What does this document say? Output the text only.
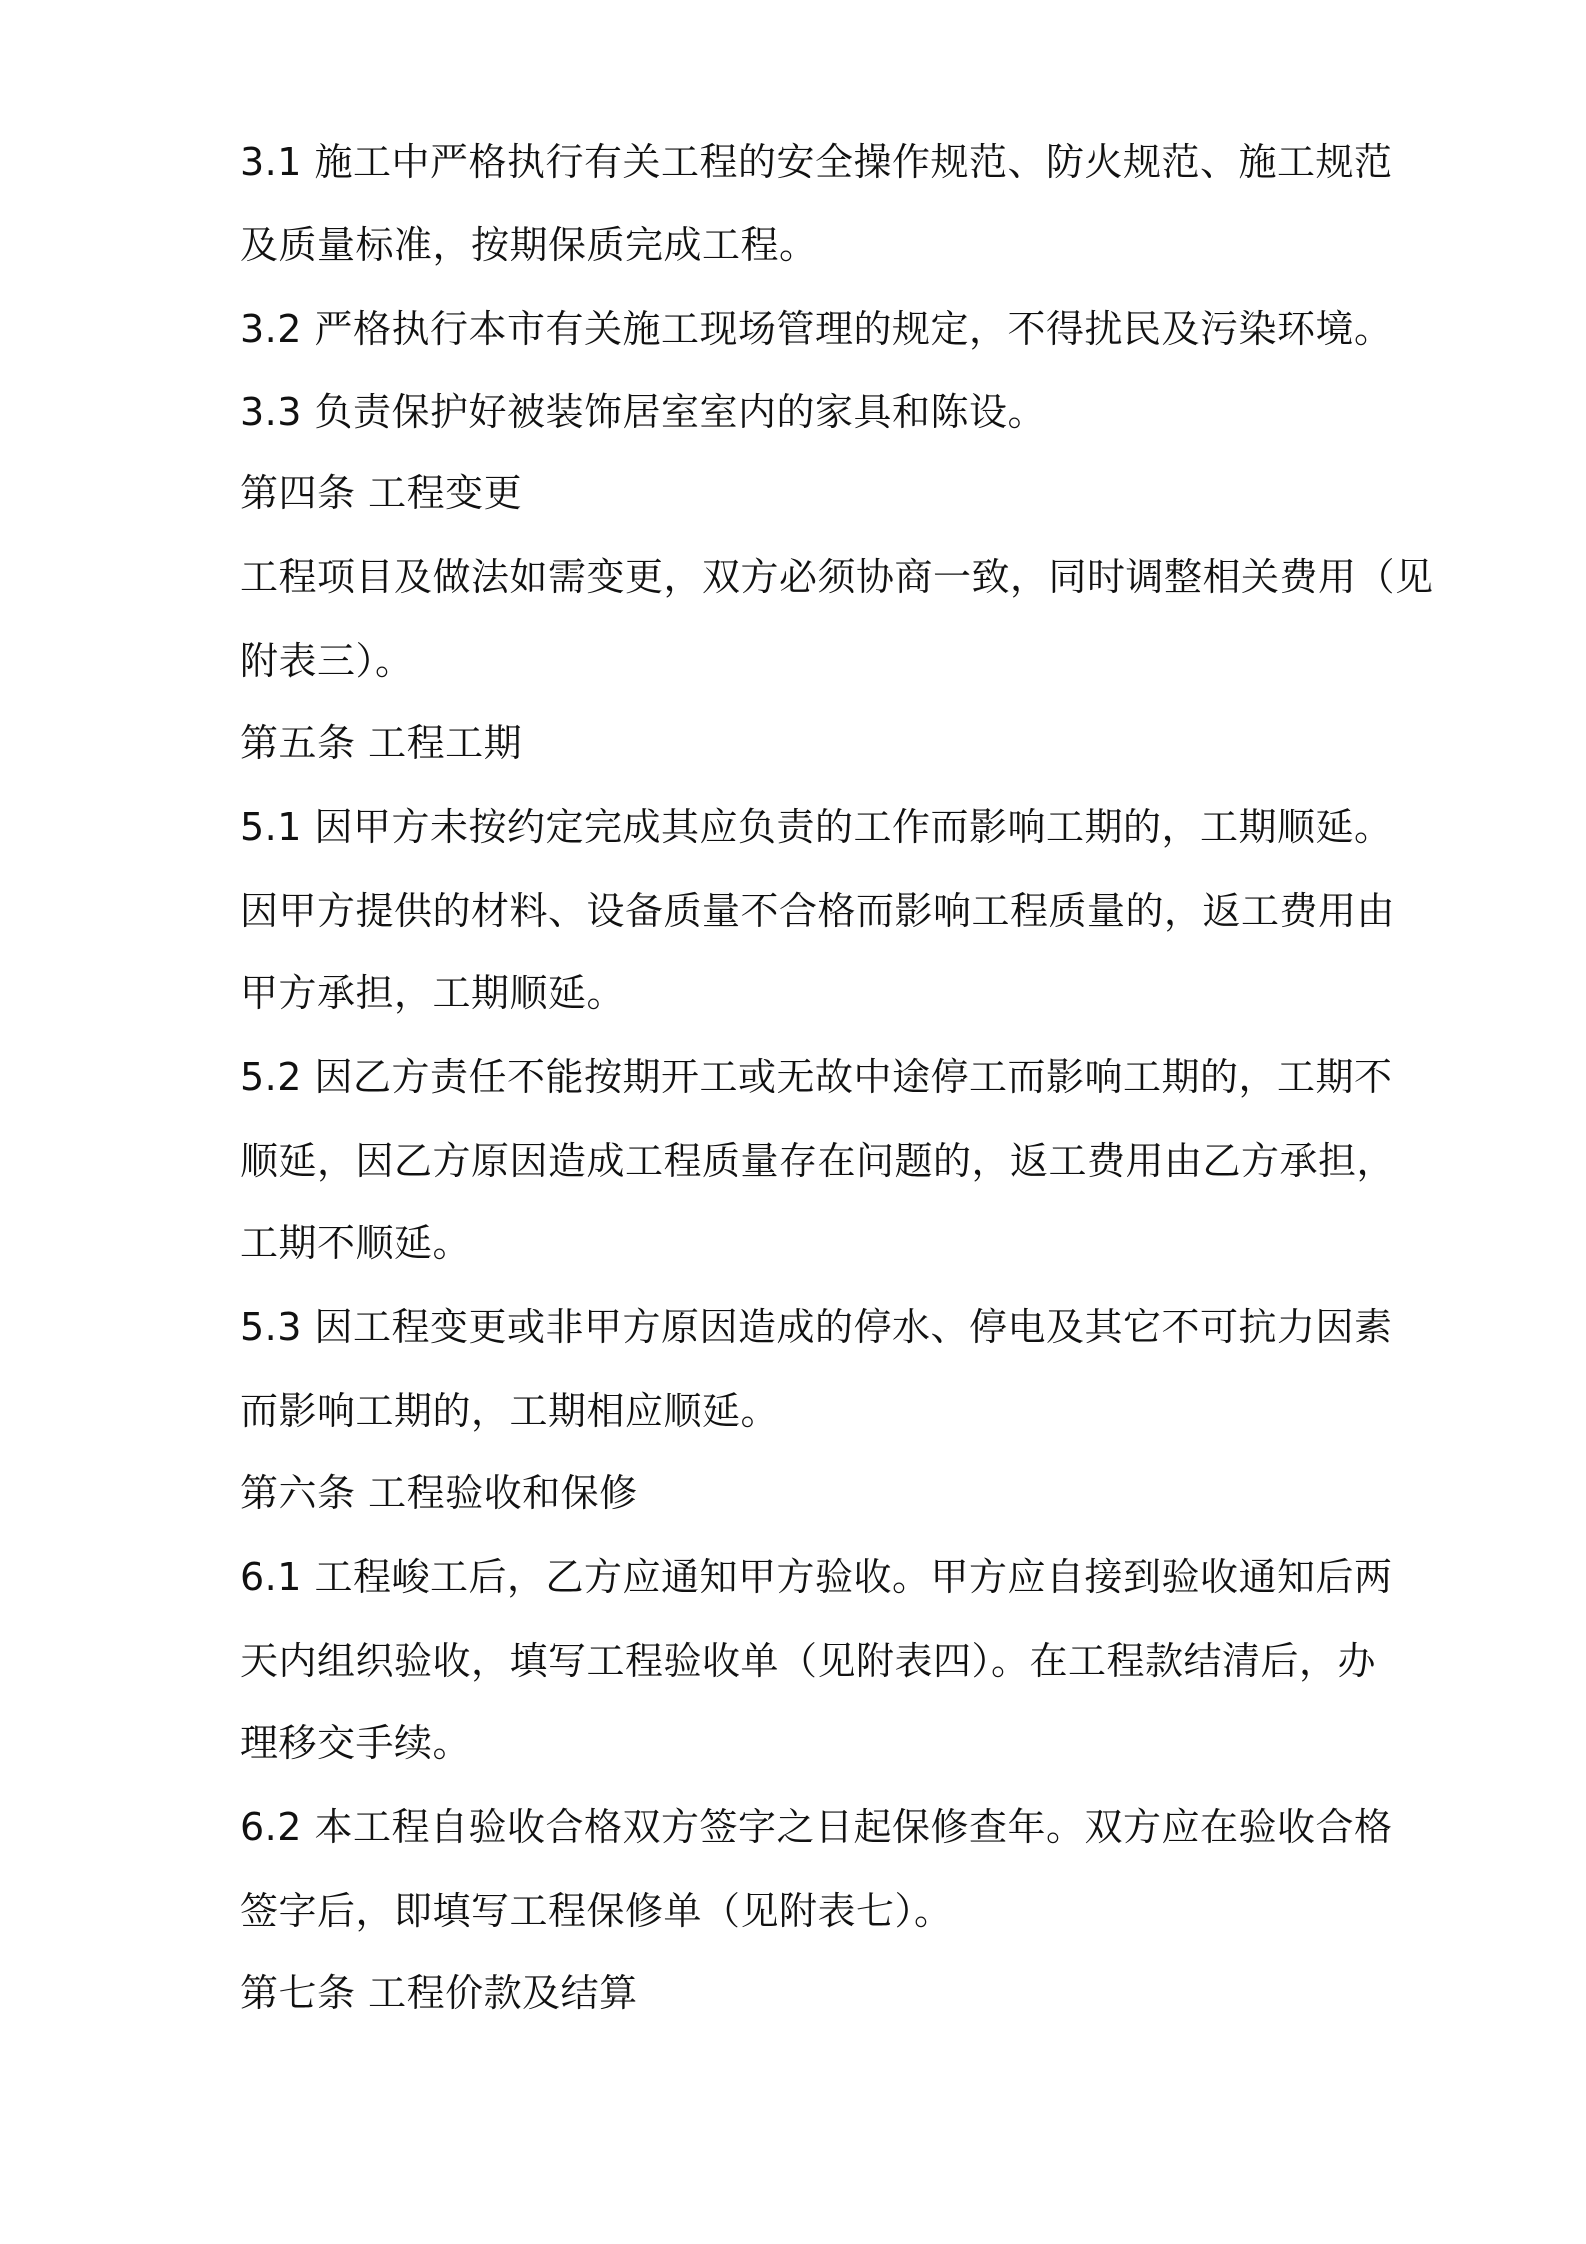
3.1 施工中严格执行有关工程的安全操作规范、防火规范、施工规范
及质量标准，按期保质完成工程。
3.2 严格执行本市有关施工现场管理的规定，不得扰民及污染环境。
3.3 负责保护好被装饰居室室内的家具和陈设。
第四条 工程变更
工程项目及做法如需变更，双方必须协商一致，同时调整相关费用（见
附表三）。
第五条 工程工期
5.1 因甲方未按约定完成其应负责的工作而影响工期的，工期顺延。
因甲方提供的材料、设备质量不合格而影响工程质量的，返工费用由
甲方承担，工期顺延。
5.2 因乙方责任不能按期开工或无故中途停工而影响工期的，工期不
顺延，因乙方原因造成工程质量存在问题的，返工费用由乙方承担，
工期不顺延。
5.3 因工程变更或非甲方原因造成的停水、停电及其它不可抗力因素
而影响工期的，工期相应顺延。
第六条 工程验收和保修
6.1 工程峻工后，乙方应通知甲方验收。甲方应自接到验收通知后两
天内组织验收，填写工程验收单（见附表四）。在工程款结清后，办
理移交手续。
6.2 本工程自验收合格双方签字之日起保修查年。双方应在验收合格
签字后，即填写工程保修单（见附表七）。
第七条 工程价款及结算
